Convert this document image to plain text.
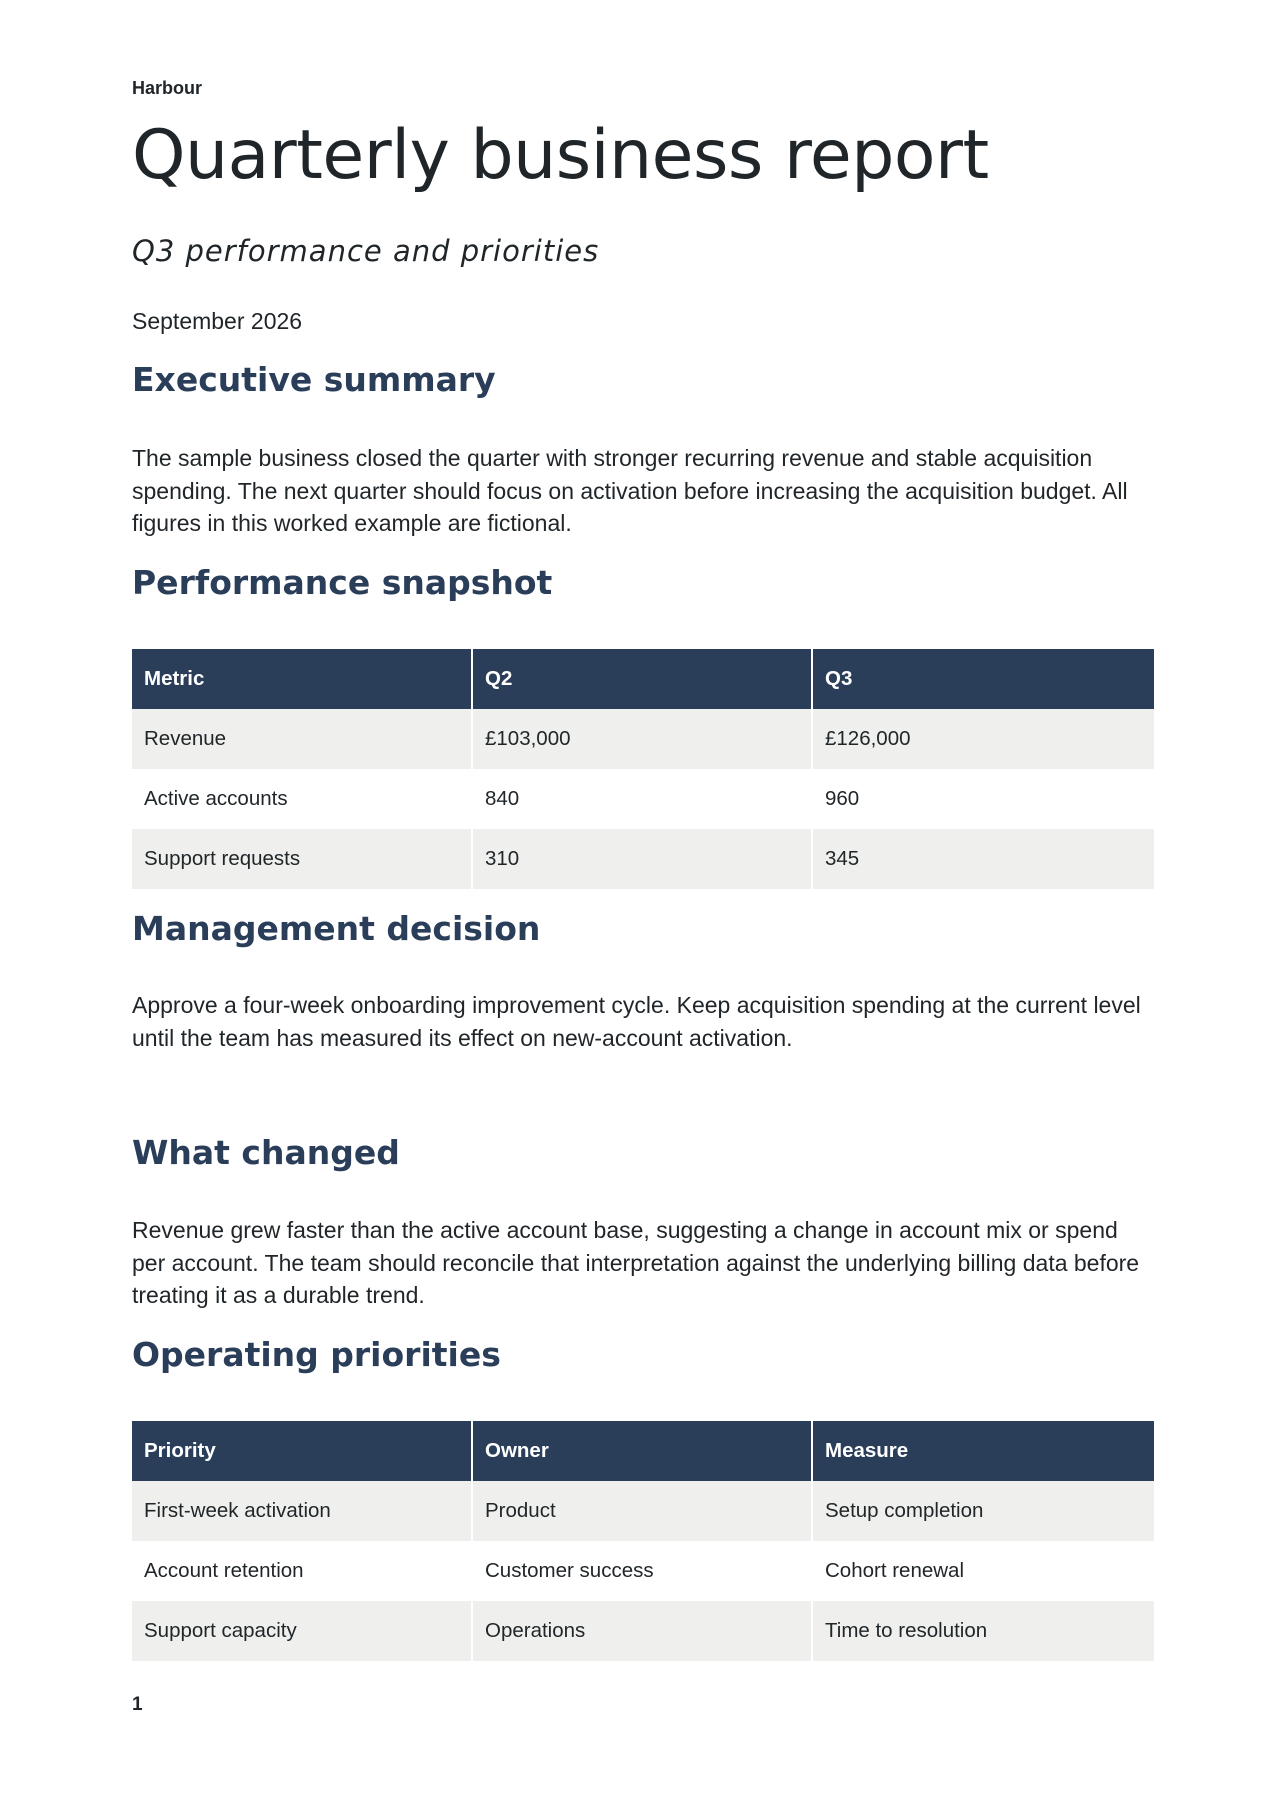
Harbour
Quarterly business report
Q3 performance and priorities
September 2026
Executive summary

The sample business closed the quarter with stronger recurring revenue and stable acquisition spending. The next quarter should focus on activation before increasing the acquisition budget. All figures in this worked example are fictional.

Performance snapshot
Metric	Q2	Q3
Revenue	£103,000	£126,000
Active accounts	840	960
Support requests	310	345
Management decision

Approve a four-week onboarding improvement cycle. Keep acquisition spending at the current level until the team has measured its effect on new-account activation.

What changed

Revenue grew faster than the active account base, suggesting a change in account mix or spend per account. The team should reconcile that interpretation against the underlying billing data before treating it as a durable trend.

Operating priorities
Priority	Owner	Measure
First-week activation	Product	Setup completion
Account retention	Customer success	Cohort renewal
Support capacity	Operations	Time to resolution
1
